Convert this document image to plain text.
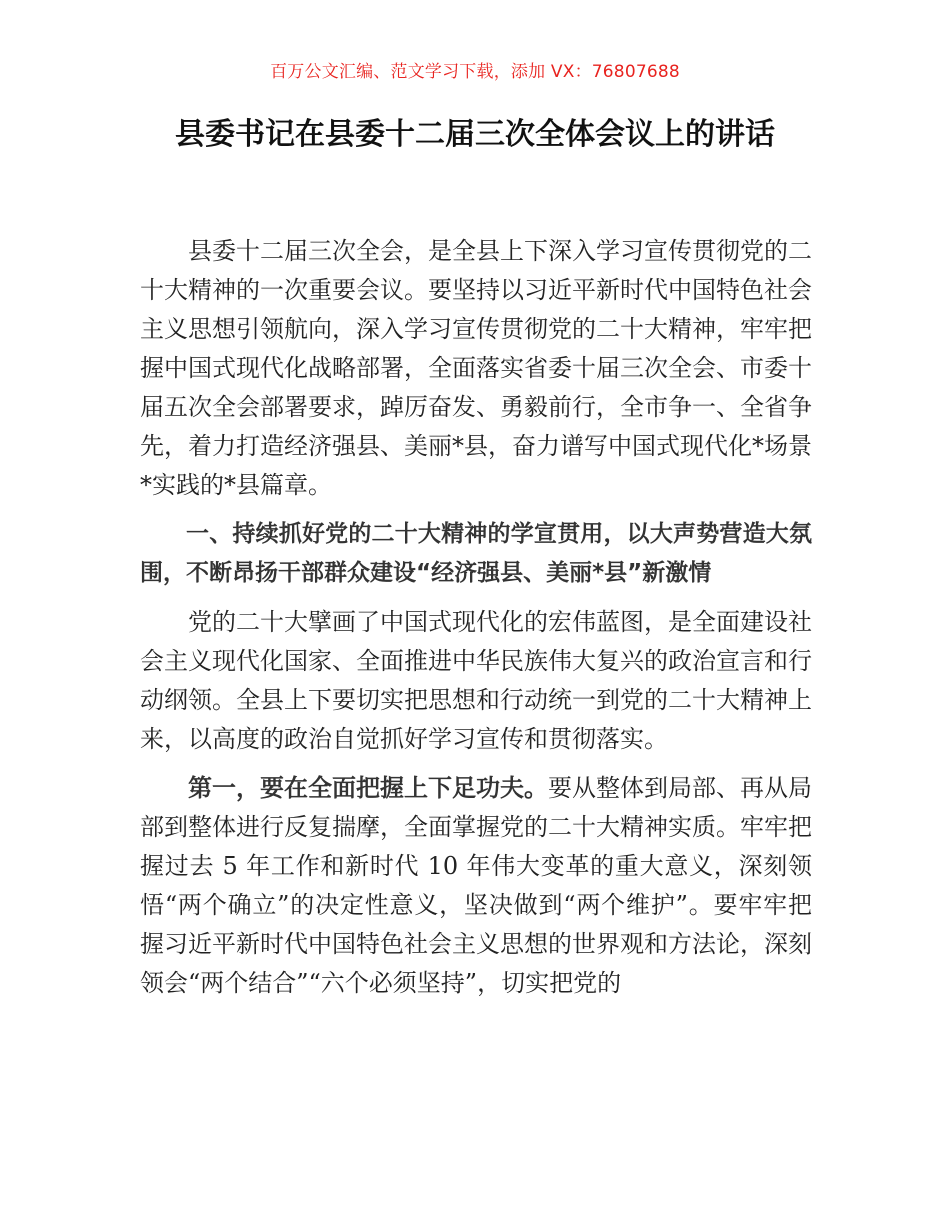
百万公文汇编、范文学习下载，添加 VX：76807688
县委书记在县委十二届三次全体会议上的讲话

县委十二届三次全会，是全县上下深入学习宣传贯彻党的二十大精神的一次重要会议。要坚持以习近平新时代中国特色社会主义思想引领航向，深入学习宣传贯彻党的二十大精神，牢牢把握中国式现代化战略部署，全面落实省委十届三次全会、市委十届五次全会部署要求，踔厉奋发、勇毅前行，全市争一、全省争先，着力打造经济强县、美丽*县，奋力谱写中国式现代化*场景*实践的*县篇章。

一、持续抓好党的二十大精神的学宣贯用，以大声势营造大氛围，不断昂扬干部群众建设“经济强县、美丽*县”新激情

党的二十大擘画了中国式现代化的宏伟蓝图，是全面建设社会主义现代化国家、全面推进中华民族伟大复兴的政治宣言和行动纲领。全县上下要切实把思想和行动统一到党的二十大精神上来，以高度的政治自觉抓好学习宣传和贯彻落实。

第一，要在全面把握上下足功夫。要从整体到局部、再从局部到整体进行反复揣摩，全面掌握党的二十大精神实质。牢牢把握过去 5 年工作和新时代 10 年伟大变革的重大意义，深刻领悟“两个确立”的决定性意义，坚决做到“两个维护”。要牢牢把握习近平新时代中国特色社会主义思想的世界观和方法论，深刻领会“两个结合”“六个必须坚持”，切实把党的
